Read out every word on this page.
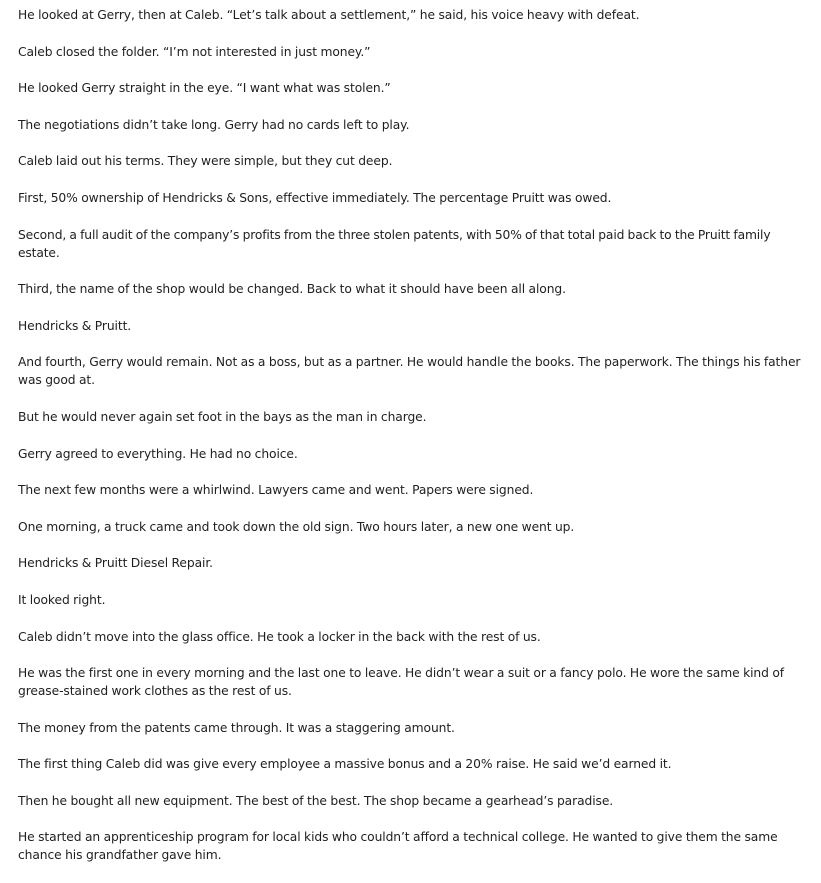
He looked at Gerry, then at Caleb. “Let’s talk about a settlement,” he said, his voice heavy with defeat.

Caleb closed the folder. “I’m not interested in just money.”

He looked Gerry straight in the eye. “I want what was stolen.”

The negotiations didn’t take long. Gerry had no cards left to play.

Caleb laid out his terms. They were simple, but they cut deep.

First, 50% ownership of Hendricks & Sons, effective immediately. The percentage Pruitt was owed.

Second, a full audit of the company’s profits from the three stolen patents, with 50% of that total paid back to the Pruitt family estate.

Third, the name of the shop would be changed. Back to what it should have been all along.

Hendricks & Pruitt.

And fourth, Gerry would remain. Not as a boss, but as a partner. He would handle the books. The paperwork. The things his father was good at.

But he would never again set foot in the bays as the man in charge.

Gerry agreed to everything. He had no choice.

The next few months were a whirlwind. Lawyers came and went. Papers were signed.

One morning, a truck came and took down the old sign. Two hours later, a new one went up.

Hendricks & Pruitt Diesel Repair.

It looked right.

Caleb didn’t move into the glass office. He took a locker in the back with the rest of us.

He was the first one in every morning and the last one to leave. He didn’t wear a suit or a fancy polo. He wore the same kind of grease-stained work clothes as the rest of us.

The money from the patents came through. It was a staggering amount.

The first thing Caleb did was give every employee a massive bonus and a 20% raise. He said we’d earned it.

Then he bought all new equipment. The best of the best. The shop became a gearhead’s paradise.

He started an apprenticeship program for local kids who couldn’t afford a technical college. He wanted to give them the same chance his grandfather gave him.
